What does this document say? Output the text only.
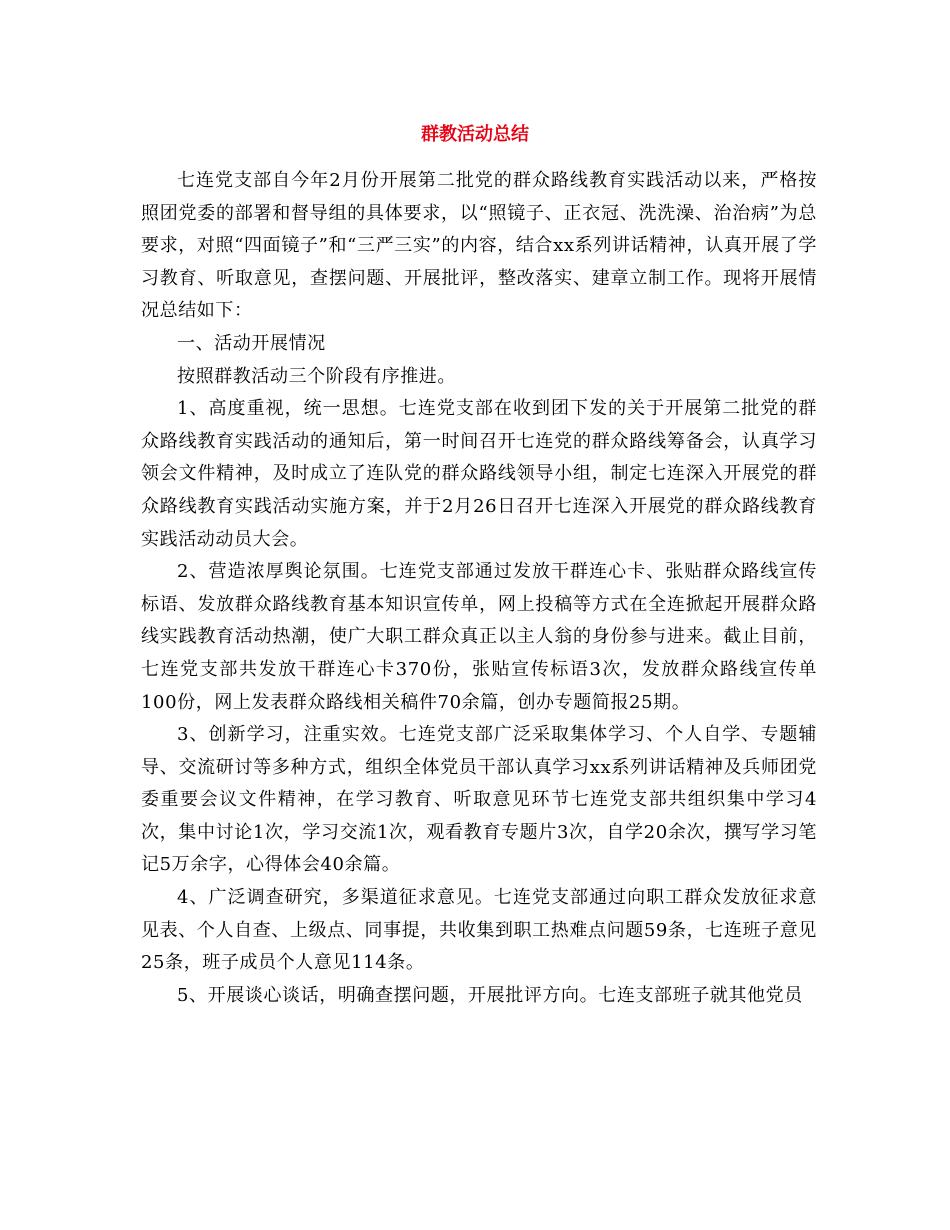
群教活动总结

七连党支部自今年2月份开展第二批党的群众路线教育实践活动以来，严格按照团党委的部署和督导组的具体要求，以“照镜子、正衣冠、洗洗澡、治治病”为总要求，对照“四面镜子”和“三严三实”的内容，结合xx系列讲话精神，认真开展了学习教育、听取意见，查摆问题、开展批评，整改落实、建章立制工作。现将开展情况总结如下：

一、活动开展情况

按照群教活动三个阶段有序推进。

1、高度重视，统一思想。七连党支部在收到团下发的关于开展第二批党的群众路线教育实践活动的通知后，第一时间召开七连党的群众路线筹备会，认真学习领会文件精神，及时成立了连队党的群众路线领导小组，制定七连深入开展党的群众路线教育实践活动实施方案，并于2月26日召开七连深入开展党的群众路线教育实践活动动员大会。

2、营造浓厚舆论氛围。七连党支部通过发放干群连心卡、张贴群众路线宣传标语、发放群众路线教育基本知识宣传单，网上投稿等方式在全连掀起开展群众路线实践教育活动热潮，使广大职工群众真正以主人翁的身份参与进来。截止目前，七连党支部共发放干群连心卡370份，张贴宣传标语3次，发放群众路线宣传单100份，网上发表群众路线相关稿件70余篇，创办专题简报25期。

3、创新学习，注重实效。七连党支部广泛采取集体学习、个人自学、专题辅导、交流研讨等多种方式，组织全体党员干部认真学习xx系列讲话精神及兵师团党委重要会议文件精神，在学习教育、听取意见环节七连党支部共组织集中学习4次，集中讨论1次，学习交流1次，观看教育专题片3次，自学20余次，撰写学习笔记5万余字，心得体会40余篇。

4、广泛调查研究，多渠道征求意见。七连党支部通过向职工群众发放征求意见表、个人自查、上级点、同事提，共收集到职工热难点问题59条，七连班子意见25条，班子成员个人意见114条。

5、开展谈心谈话，明确查摆问题，开展批评方向。七连支部班子就其他党员
